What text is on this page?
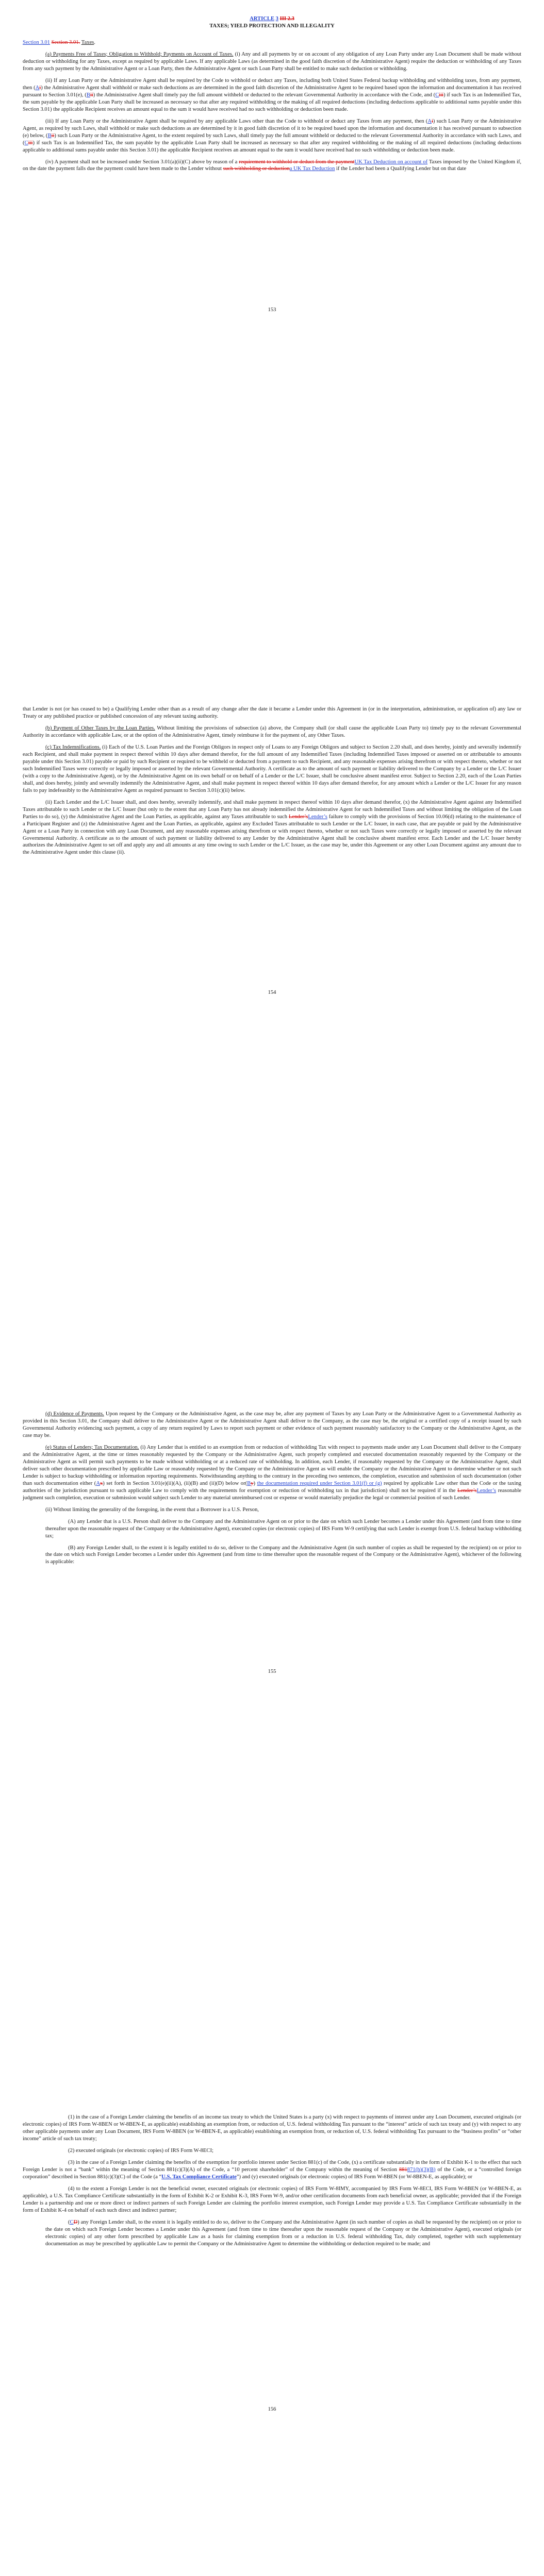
ARTICLE 3 III 2.3

TAXES; YIELD PROTECTION AND ILLEGALITY

Section 3.01 Section 3.01. Taxes.

(a) Payments Free of Taxes; Obligation to Withhold; Payments on Account of Taxes. (i) Any and all payments by or on account of any obligation of any Loan Party under any Loan Document shall be made without deduction or withholding for any Taxes, except as required by applicable Laws. If any applicable Laws (as determined in the good faith discretion of the Administrative Agent) require the deduction or withholding of any Taxes from any such payment by the Administrative Agent or a Loan Party, then the Administrative Agent or such Loan Party shall be entitled to make such deduction or withholding.

(ii) If any Loan Party or the Administrative Agent shall be required by the Code to withhold or deduct any Taxes, including both United States Federal backup withholding and withholding taxes, from any payment, then (Ai) the Administrative Agent shall withhold or make such deductions as are determined in the good faith discretion of the Administrative Agent to be required based upon the information and documentation it has received pursuant to Section 3.01(e), (Bii) the Administrative Agent shall timely pay the full amount withheld or deducted to the relevant Governmental Authority in accordance with the Code, and (Ciii) if such Tax is an Indemnified Tax, the sum payable by the applicable Loan Party shall be increased as necessary so that after any required withholding or the making of all required deductions (including deductions applicable to additional sums payable under this Section 3.01) the applicable Recipient receives an amount equal to the sum it would have received had no such withholding or deduction been made.

(iii) If any Loan Party or the Administrative Agent shall be required by any applicable Laws other than the Code to withhold or deduct any Taxes from any payment, then (Ai) such Loan Party or the Administrative Agent, as required by such Laws, shall withhold or make such deductions as are determined by it in good faith discretion of it to be required based upon the information and documentation it has received pursuant to subsection (e) below, (Bii) such Loan Party or the Administrative Agent, to the extent required by such Laws, shall timely pay the full amount withheld or deducted to the relevant Governmental Authority in accordance with such Laws, and (Ciii) if such Tax is an Indemnified Tax, the sum payable by the applicable Loan Party shall be increased as necessary so that after any required withholding or the making of all required deductions (including deductions applicable to additional sums payable under this Section 3.01) the applicable Recipient receives an amount equal to the sum it would have received had no such withholding or deduction been made.

(iv) A payment shall not be increased under Section 3.01(a)(ii)(C) above by reason of a requirement to withhold or deduct from the paymentUK Tax Deduction on account of Taxes imposed by the United Kingdom if, on the date the payment falls due the payment could have been made to the Lender without such withholding or deductiona UK Tax Deduction if the Lender had been a Qualifying Lender but on that date

153

that Lender is not (or has ceased to be) a Qualifying Lender other than as a result of any change after the date it became a Lender under this Agreement in (or in the interpretation, administration, or application of) any law or Treaty or any published practice or published concession of any relevant taxing authority.

(b) Payment of Other Taxes by the Loan Parties. Without limiting the provisions of subsection (a) above, the Company shall (or shall cause the applicable Loan Party to) timely pay to the relevant Governmental Authority in accordance with applicable Law, or at the option of the Administrative Agent, timely reimburse it for the payment of, any Other Taxes.

(c) Tax Indemnifications. (i) Each of the U.S. Loan Parties and the Foreign Obligors in respect only of Loans to any Foreign Obligors and subject to Section 2.20 shall, and does hereby, jointly and severally indemnify each Recipient, and shall make payment in respect thereof within 10 days after demand therefor, for the full amount of any Indemnified Taxes (including Indemnified Taxes imposed or asserted on or attributable to amounts payable under this Section 3.01) payable or paid by such Recipient or required to be withheld or deducted from a payment to such Recipient, and any reasonable expenses arising therefrom or with respect thereto, whether or not such Indemnified Taxes were correctly or legally imposed or asserted by the relevant Governmental Authority. A certificate as to the amount of such payment or liability delivered to the Company by a Lender or the L/C Issuer (with a copy to the Administrative Agent), or by the Administrative Agent on its own behalf or on behalf of a Lender or the L/C Issuer, shall be conclusive absent manifest error. Subject to Section 2.20, each of the Loan Parties shall, and does hereby, jointly and severally indemnify the Administrative Agent, and shall make payment in respect thereof within 10 days after demand therefor, for any amount which a Lender or the L/C Issuer for any reason fails to pay indefeasibly to the Administrative Agent as required pursuant to Section 3.01(c)(ii) below.

(ii) Each Lender and the L/C Issuer shall, and does hereby, severally indemnify, and shall make payment in respect thereof within 10 days after demand therefor, (x) the Administrative Agent against any Indemnified Taxes attributable to such Lender or the L/C Issuer (but only to the extent that any Loan Party has not already indemnified the Administrative Agent for such Indemnified Taxes and without limiting the obligation of the Loan Parties to do so), (y) the Administrative Agent and the Loan Parties, as applicable, against any Taxes attributable to such Lender’sLender’s failure to comply with the provisions of Section 10.06(d) relating to the maintenance of a Participant Register and (z) the Administrative Agent and the Loan Parties, as applicable, against any Excluded Taxes attributable to such Lender or the L/C Issuer, in each case, that are payable or paid by the Administrative Agent or a Loan Party in connection with any Loan Document, and any reasonable expenses arising therefrom or with respect thereto, whether or not such Taxes were correctly or legally imposed or asserted by the relevant Governmental Authority. A certificate as to the amount of such payment or liability delivered to any Lender by the Administrative Agent shall be conclusive absent manifest error. Each Lender and the L/C Issuer hereby authorizes the Administrative Agent to set off and apply any and all amounts at any time owing to such Lender or the L/C Issuer, as the case may be, under this Agreement or any other Loan Document against any amount due to the Administrative Agent under this clause (ii).

154

(d) Evidence of Payments. Upon request by the Company or the Administrative Agent, as the case may be, after any payment of Taxes by any Loan Party or the Administrative Agent to a Governmental Authority as provided in this Section 3.01, the Company shall deliver to the Administrative Agent or the Administrative Agent shall deliver to the Company, as the case may be, the original or a certified copy of a receipt issued by such Governmental Authority evidencing such payment, a copy of any return required by Laws to report such payment or other evidence of such payment reasonably satisfactory to the Company or the Administrative Agent, as the case may be.

(e) Status of Lenders; Tax Documentation. (i) Any Lender that is entitled to an exemption from or reduction of withholding Tax with respect to payments made under any Loan Document shall deliver to the Company and the Administrative Agent, at the time or times reasonably requested by the Company or the Administrative Agent, such properly completed and executed documentation reasonably requested by the Company or the Administrative Agent as will permit such payments to be made without withholding or at a reduced rate of withholding. In addition, each Lender, if reasonably requested by the Company or the Administrative Agent, shall deliver such other documentation prescribed by applicable Law or reasonably requested by the Company or the Administrative Agent as will enable the Company or the Administrative Agent to determine whether or not such Lender is subject to backup withholding or information reporting requirements. Notwithstanding anything to the contrary in the preceding two sentences, the completion, execution and submission of such documentation (other than such documentation either (Ax) set forth in Section 3.01(e)(ii)(A), (ii)(B) and (ii)(D) below or(By) the documentation required under Section 3.01(f) or (g) required by applicable Law other than the Code or the taxing authorities of the jurisdiction pursuant to such applicable Law to comply with the requirements for exemption or reduction of withholding tax in that jurisdiction) shall not be required if in the Lender’sLender’s reasonable judgment such completion, execution or submission would subject such Lender to any material unreimbursed cost or expense or would materially prejudice the legal or commercial position of such Lender.

(ii) Without limiting the generality of the foregoing, in the event that a Borrower is a U.S. Person,

(A) any Lender that is a U.S. Person shall deliver to the Company and the Administrative Agent on or prior to the date on which such Lender becomes a Lender under this Agreement (and from time to time thereafter upon the reasonable request of the Company or the Administrative Agent), executed copies (or electronic copies) of IRS Form W-9 certifying that such Lender is exempt from U.S. federal backup withholding tax;

(B) any Foreign Lender shall, to the extent it is legally entitled to do so, deliver to the Company and the Administrative Agent (in such number of copies as shall be requested by the recipient) on or prior to the date on which such Foreign Lender becomes a Lender under this Agreement (and from time to time thereafter upon the reasonable request of the Company or the Administrative Agent), whichever of the following is applicable:

155

(1) in the case of a Foreign Lender claiming the benefits of an income tax treaty to which the United States is a party (x) with respect to payments of interest under any Loan Document, executed originals (or electronic copies) of IRS Form W-8BEN or W-8BEN-E, as applicable) establishing an exemption from, or reduction of, U.S. federal withholding Tax pursuant to the “interest” article of such tax treaty and (y) with respect to any other applicable payments under any Loan Document, IRS Form W-8BEN (or W-8BEN-E, as applicable) establishing an exemption from, or reduction of, U.S. federal withholding Tax pursuant to the “business profits” or “other income” article of such tax treaty;

(2) executed originals (or electronic copies) of IRS Form W-8ECI;

(3) in the case of a Foreign Lender claiming the benefits of the exemption for portfolio interest under Section 881(c) of the Code, (x) a certificate substantially in the form of Exhibit K-1 to the effect that such Foreign Lender is not a “bank” within the meaning of Section 881(c)(3)(A) of the Code, a “10 percent shareholder” of the Company within the meaning of Section 881871(h)(3)(B) of the Code, or a “controlled foreign corporation” described in Section 881(c)(3)(C) of the Code (a “U.S. Tax Compliance Certificate”) and (y) executed originals (or electronic copies) of IRS Form W-8BEN (or W-8BEN-E, as applicable); or

(4) to the extent a Foreign Lender is not the beneficial owner, executed originals (or electronic copies) of IRS Form W-8IMY, accompanied by IRS Form W-8ECI, IRS Form W-8BEN (or W-8BEN-E, as applicable), a U.S. Tax Compliance Certificate substantially in the form of Exhibit K-2 or Exhibit K-3, IRS Form W-9, and/or other certification documents from each beneficial owner, as applicable; provided that if the Foreign Lender is a partnership and one or more direct or indirect partners of such Foreign Lender are claiming the portfolio interest exemption, such Foreign Lender may provide a U.S. Tax Compliance Certificate substantially in the form of Exhibit K-4 on behalf of each such direct and indirect partner;

(CD) any Foreign Lender shall, to the extent it is legally entitled to do so, deliver to the Company and the Administrative Agent (in such number of copies as shall be requested by the recipient) on or prior to the date on which such Foreign Lender becomes a Lender under this Agreement (and from time to time thereafter upon the reasonable request of the Company or the Administrative Agent), executed originals (or electronic copies) of any other form prescribed by applicable Law as a basis for claiming exemption from or a reduction in U.S. federal withholding Tax, duly completed, together with such supplementary documentation as may be prescribed by applicable Law to permit the Company or the Administrative Agent to determine the withholding or deduction required to be made; and

156
